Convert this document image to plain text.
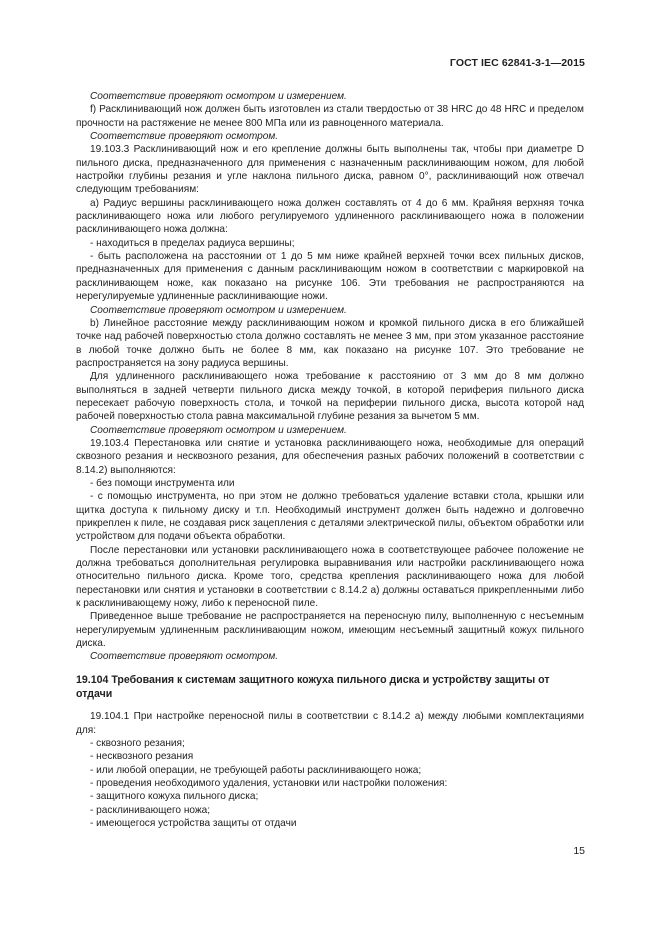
ГОСТ IEC 62841-3-1—2015

Соответствие проверяют осмотром и измерением.

f) Расклинивающий нож должен быть изготовлен из стали твердостью от 38 HRC до 48 HRC и пределом прочности на растяжение не менее 800 МПа или из равноценного материала.

Соответствие проверяют осмотром.

19.103.3 Расклинивающий нож и его крепление должны быть выполнены так, чтобы при диаметре D пильного диска, предназначенного для применения с назначенным расклинивающим ножом, для любой настройки глубины резания и угле наклона пильного диска, равном 0°, расклинивающий нож отвечал следующим требованиям:

а) Радиус вершины расклинивающего ножа должен составлять от 4 до 6 мм. Крайняя верхняя точка расклинивающего ножа или любого регулируемого удлиненного расклинивающего ножа в положении расклинивающего ножа должна:

- находиться в пределах радиуса вершины;

- быть расположена на расстоянии от 1 до 5 мм ниже крайней верхней точки всех пильных дисков, предназначенных для применения с данным расклинивающим ножом в соответствии с маркировкой на расклинивающем ноже, как показано на рисунке 106. Эти требования не распространяются на нерегулируемые удлиненные расклинивающие ножи.

Соответствие проверяют осмотром и измерением.

b) Линейное расстояние между расклинивающим ножом и кромкой пильного диска в его ближайшей точке над рабочей поверхностью стола должно составлять не менее 3 мм, при этом указанное расстояние в любой точке должно быть не более 8 мм, как показано на рисунке 107. Это требование не распространяется на зону радиуса вершины.

Для удлиненного расклинивающего ножа требование к расстоянию от 3 мм до 8 мм должно выполняться в задней четверти пильного диска между точкой, в которой периферия пильного диска пересекает рабочую поверхность стола, и точкой на периферии пильного диска, высота которой над рабочей поверхностью стола равна максимальной глубине резания за вычетом 5 мм.

Соответствие проверяют осмотром и измерением.

19.103.4 Перестановка или снятие и установка расклинивающего ножа, необходимые для операций сквозного резания и несквозного резания, для обеспечения разных рабочих положений в соответствии с 8.14.2) выполняются:

- без помощи инструмента или

- с помощью инструмента, но при этом не должно требоваться удаление вставки стола, крышки или щитка доступа к пильному диску и т.п. Необходимый инструмент должен быть надежно и долговечно прикреплен к пиле, не создавая риск зацепления с деталями электрической пилы, объектом обработки или устройством для подачи объекта обработки.

После перестановки или установки расклинивающего ножа в соответствующее рабочее положение не должна требоваться дополнительная регулировка выравнивания или настройки расклинивающего ножа относительно пильного диска. Кроме того, средства крепления расклинивающего ножа для любой перестановки или снятия и установки в соответствии с 8.14.2 а) должны оставаться прикрепленными либо к расклинивающему ножу, либо к переносной пиле.

Приведенное выше требование не распространяется на переносную пилу, выполненную с несъемным нерегулируемым удлиненным расклинивающим ножом, имеющим несъемный защитный кожух пильного диска.

Соответствие проверяют осмотром.

19.104 Требования к системам защитного кожуха пильного диска и устройству защиты от отдачи

19.104.1 При настройке переносной пилы в соответствии с 8.14.2 а) между любыми комплектациями для:

- сквозного резания;

- несквозного резания

- или любой операции, не требующей работы расклинивающего ножа;

- проведения необходимого удаления, установки или настройки положения:

- защитного кожуха пильного диска;

- расклинивающего ножа;

- имеющегося устройства защиты от отдачи

15
